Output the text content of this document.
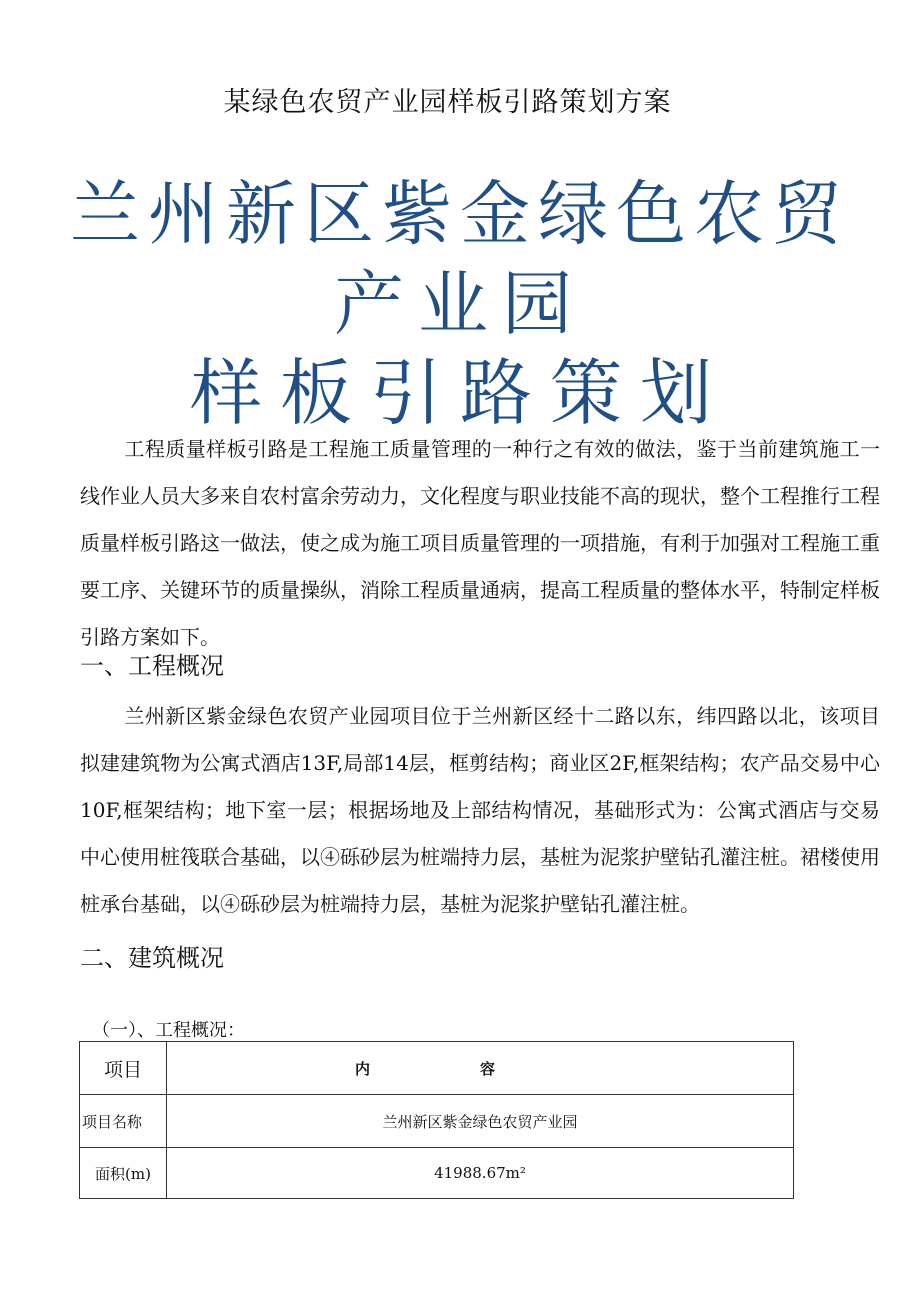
某绿色农贸产业园样板引路策划方案
兰州新区紫金绿色农贸
产业园
样板引路策划
工程质量样板引路是工程施工质量管理的一种行之有效的做法，鉴于当前建筑施工一线作业人员大多来自农村富余劳动力，文化程度与职业技能不高的现状，整个工程推行工程质量样板引路这一做法，使之成为施工项目质量管理的一项措施，有利于加强对工程施工重要工序、关键环节的质量操纵，消除工程质量通病，提高工程质量的整体水平，特制定样板引路方案如下。
一、工程概况
兰州新区紫金绿色农贸产业园项目位于兰州新区经十二路以东，纬四路以北，该项目拟建建筑物为公寓式酒店13F,局部14层，框剪结构；商业区2F,框架结构；农产品交易中心10F,框架结构；地下室一层；根据场地及上部结构情况，基础形式为：公寓式酒店与交易中心使用桩筏联合基础，以④砾砂层为桩端持力层，基桩为泥浆护壁钻孔灌注桩。裙楼使用桩承台基础，以④砾砂层为桩端持力层，基桩为泥浆护壁钻孔灌注桩。
二、建筑概况
（一）、工程概况：
项目	内容
项目名称	兰州新区紫金绿色农贸产业园
面积(m)	41988.67m²
